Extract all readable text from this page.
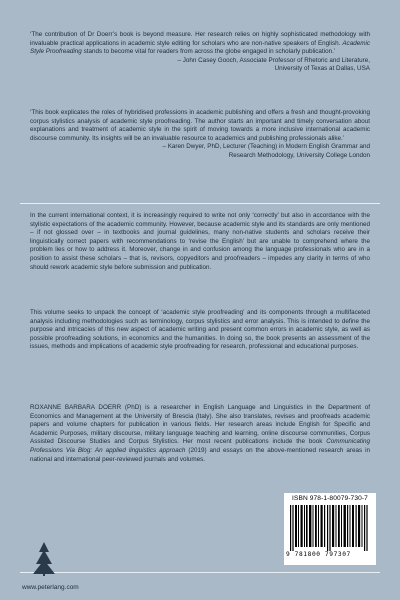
‘The contribution of Dr Doerr’s book is beyond measure. Her research relies on highly sophisticated methodology with invaluable practical applications in academic style editing for scholars who are non-native speakers of English. Academic Style Proofreading stands to become vital for readers from across the globe engaged in scholarly publication.’
– John Casey Gooch, Associate Professor of Rhetoric and Literature,
University of Texas at Dallas, USA
‘This book explicates the roles of hybridised professions in academic publishing and offers a fresh and thought-provoking corpus stylistics analysis of academic style proofreading. The author starts an important and timely conversation about explanations and treatment of academic style in the spirit of moving towards a more inclusive international academic discourse community. Its insights will be an invaluable resource to academics and publishing professionals alike.’
– Karen Dwyer, PhD, Lecturer (Teaching) in Modern English Grammar and
Research Methodology, University College London
In the current international context, it is increasingly required to write not only ‘correctly’ but also in accordance with the stylistic expectations of the academic community. However, because academic style and its standards are only mentioned – if not glossed over – in textbooks and journal guidelines, many non-native students and scholars receive their linguistically correct papers with recommendations to ‘revise the English’ but are unable to comprehend where the problem lies or how to address it. Moreover, change in and confusion among the language professionals who are in a position to assist these scholars – that is, revisors, copyeditors and proofreaders – impedes any clarity in terms of who should rework academic style before submission and publication.
This volume seeks to unpack the concept of ‘academic style proofreading’ and its components through a multifaceted analysis including methodologies such as terminology, corpus stylistics and error analysis. This is intended to define the purpose and intricacies of this new aspect of academic writing and present common errors in academic style, as well as possible proofreading solutions, in economics and the humanities. In doing so, the book presents an assessment of the issues, methods and implications of academic style proofreading for research, professional and educational purposes.
ROXANNE BARBARA DOERR (PhD) is a researcher in English Language and Linguistics in the Department of Economics and Management at the University of Brescia (Italy). She also translates, revises and proofreads academic papers and volume chapters for publication in various fields. Her research areas include English for Specific and Academic Purposes, military discourse, military language teaching and learning, online discourse communities, Corpus Assisted Discourse Studies and Corpus Stylistics. Her most recent publications include the book Communicating Professions Via Blog: An applied linguistics approach (2019) and essays on the above-mentioned research areas in national and international peer-reviewed journals and volumes.
ISBN 978-1-80079-730-7
9 781800 797307
www.peterlang.com
